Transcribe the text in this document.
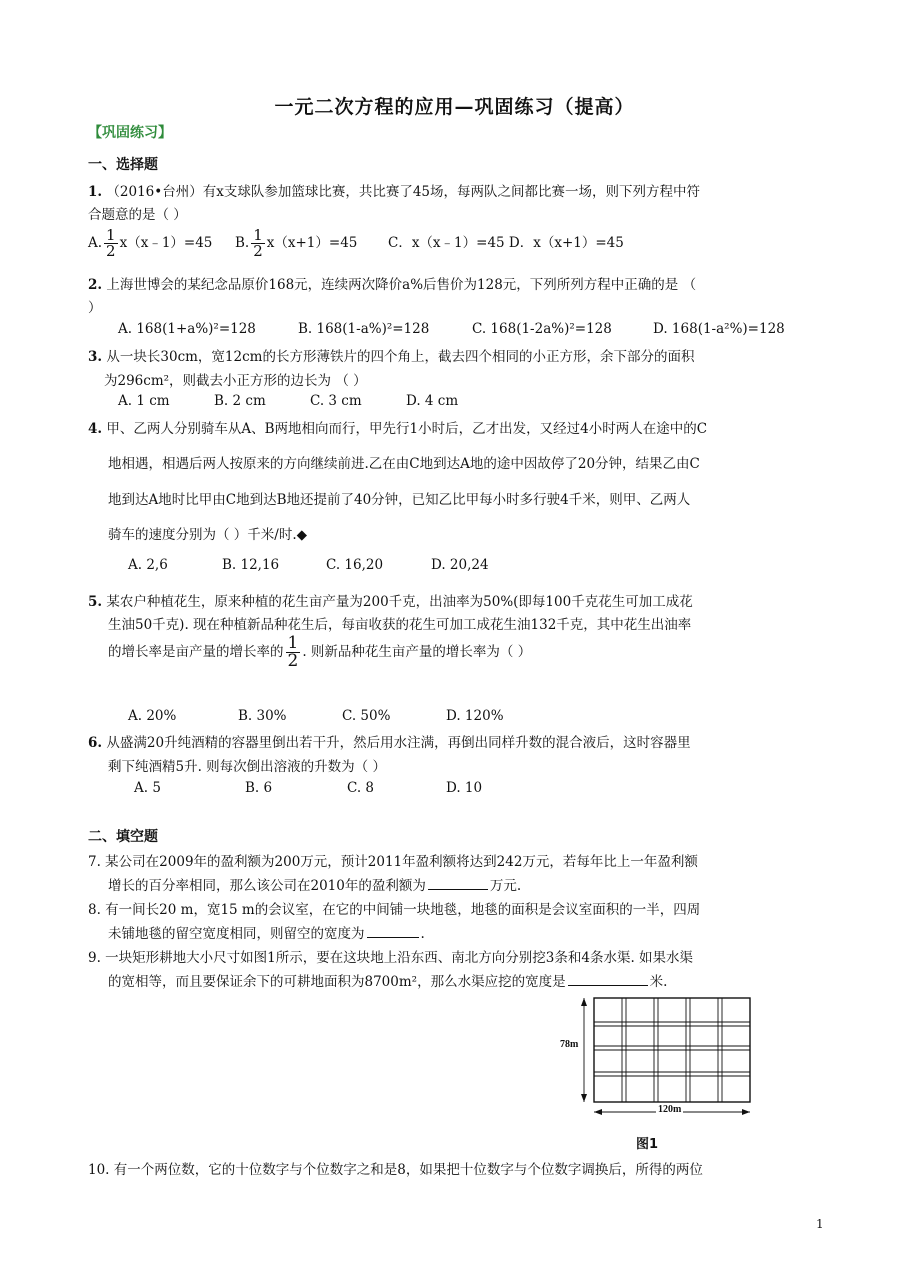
一元二次方程的应用—巩固练习（提高）
【巩固练习】
一、选择题
1. （2016•台州）有x支球队参加篮球比赛，共比赛了45场，每两队之间都比赛一场，则下列方程中符
合题意的是（ ）
A. $\frac{1}{2}$ x（x﹣1）=45 B. $\frac{1}{2} x(x+1)=45$ C．x（x﹣1）=45 D．x（x+1）=45
2. 上海世博会的某纪念品原价168元，连续两次降价a%后售价为128元，下列所列方程中正确的是 （
）
A. 168(1+a%)²=128	B. 168(1-a%)²=128	C. 168(1-2a%)²=128	D. 168(1-a²%)=128
3. 从一块长30cm，宽12cm的长方形薄铁片的四个角上，截去四个相同的小正方形，余下部分的面积
为296cm²，则截去小正方形的边长为 （ ）
A. 1 cm	B. 2 cm	C. 3 cm	D. 4 cm
4. 甲、乙两人分别骑车从A、B两地相向而行，甲先行1小时后，乙才出发，又经过4小时两人在途中的C
地相遇，相遇后两人按原来的方向继续前进.乙在由C地到达A地的途中因故停了20分钟，结果乙由C
地到达A地时比甲由C地到达B地还提前了40分钟，已知乙比甲每小时多行驶4千米，则甲、乙两人
骑车的速度分别为（ ）千米/时.◆
A. 2,6	B. 12,16	C. 16,20	D. 20,24
5. 某农户种植花生，原来种植的花生亩产量为200千克，出油率为50%(即每100千克花生可加工成花
生油50千克). 现在种植新品种花生后，每亩收获的花生可加工成花生油132千克，其中花生出油率
的增长率是亩产量的增长率的 $\frac{1}{2}$ . 则新品种花生亩产量的增长率为（ ）
A. 20%	B. 30%	C. 50%	D. 120%
6. 从盛满20升纯酒精的容器里倒出若干升，然后用水注满，再倒出同样升数的混合液后，这时容器里
剩下纯酒精5升. 则每次倒出溶液的升数为（ ）
A. 5	B. 6	C. 8	D. 10
二、填空题
7. 某公司在2009年的盈利额为200万元，预计2011年盈利额将达到242万元，若每年比上一年盈利额
增长的百分率相同，那么该公司在2010年的盈利额为	万元.
8. 有一间长20 m，宽15 m的会议室，在它的中间铺一块地毯，地毯的面积是会议室面积的一半，四周
未铺地毯的留空宽度相同，则留空的宽度为	.
9. 一块矩形耕地大小尺寸如图1所示，要在这块地上沿东西、南北方向分别挖3条和4条水渠. 如果水渠
的宽相等，而且要保证余下的可耕地面积为8700m²，那么水渠应挖的宽度是	米.
78m
120m
图1
10. 有一个两位数，它的十位数字与个位数字之和是8，如果把十位数字与个位数字调换后，所得的两位
1
